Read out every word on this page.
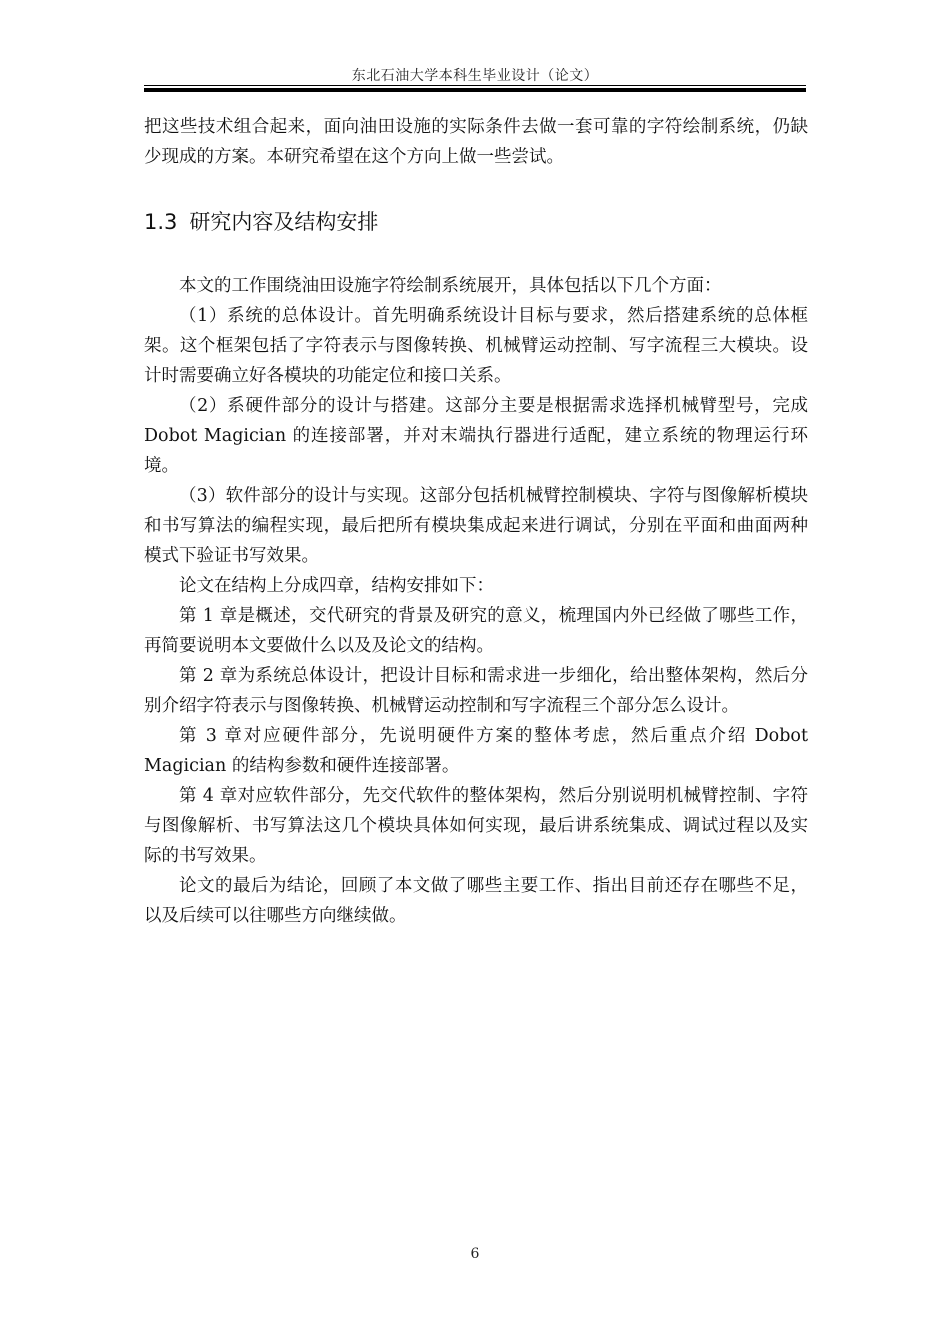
东北石油大学本科生毕业设计（论文）

把这些技术组合起来，面向油田设施的实际条件去做一套可靠的字符绘制系统，仍缺少现成的方案。本研究希望在这个方向上做一些尝试。

1.3 研究内容及结构安排

本文的工作围绕油田设施字符绘制系统展开，具体包括以下几个方面：

（1）系统的总体设计。首先明确系统设计目标与要求，然后搭建系统的总体框架。这个框架包括了字符表示与图像转换、机械臂运动控制、写字流程三大模块。设计时需要确立好各模块的功能定位和接口关系。

（2）系硬件部分的设计与搭建。这部分主要是根据需求选择机械臂型号，完成 Dobot Magician 的连接部署，并对末端执行器进行适配，建立系统的物理运行环境。

（3）软件部分的设计与实现。这部分包括机械臂控制模块、字符与图像解析模块和书写算法的编程实现，最后把所有模块集成起来进行调试，分别在平面和曲面两种模式下验证书写效果。

论文在结构上分成四章，结构安排如下：

第 1 章是概述，交代研究的背景及研究的意义，梳理国内外已经做了哪些工作，再简要说明本文要做什么以及及论文的结构。

第 2 章为系统总体设计，把设计目标和需求进一步细化，给出整体架构，然后分别介绍字符表示与图像转换、机械臂运动控制和写字流程三个部分怎么设计。

第 3 章对应硬件部分，先说明硬件方案的整体考虑，然后重点介绍 Dobot Magician 的结构参数和硬件连接部署。

第 4 章对应软件部分，先交代软件的整体架构，然后分别说明机械臂控制、字符与图像解析、书写算法这几个模块具体如何实现，最后讲系统集成、调试过程以及实际的书写效果。

论文的最后为结论，回顾了本文做了哪些主要工作、指出目前还存在哪些不足，以及后续可以往哪些方向继续做。

6
